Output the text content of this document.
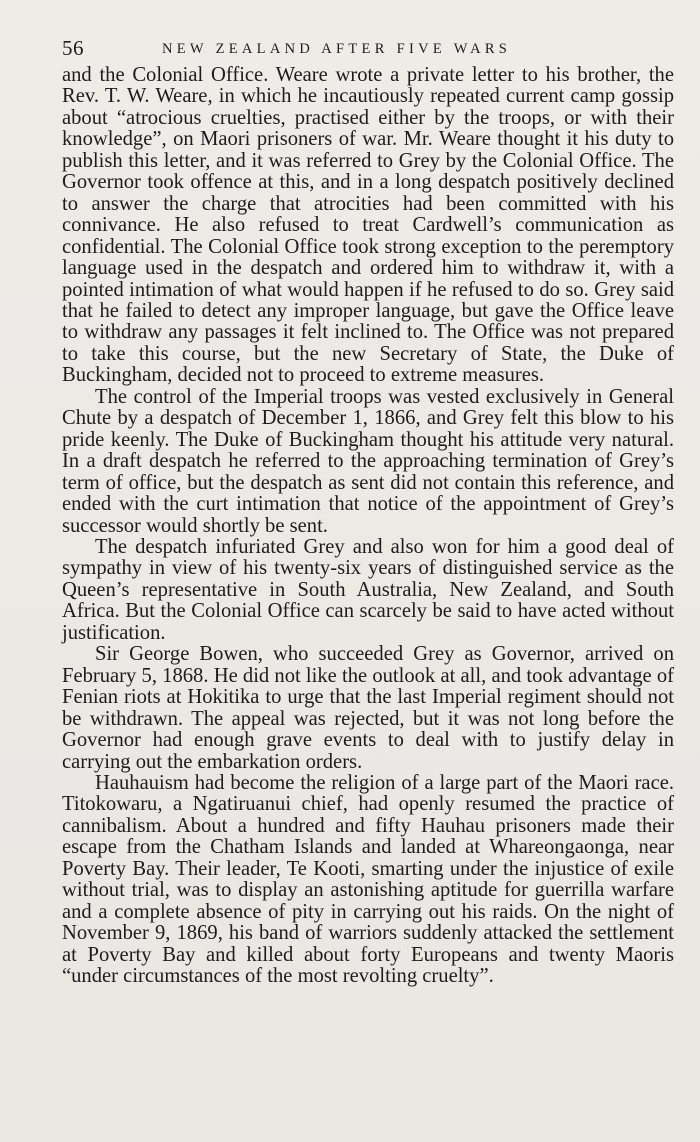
56	NEW ZEALAND AFTER FIVE WARS

and the Colonial Office. Weare wrote a private letter to his brother, the Rev. T. W. Weare, in which he incautiously repeated current camp gossip about “atrocious cruelties, practised either by the troops, or with their knowledge”, on Maori prisoners of war. Mr. Weare thought it his duty to publish this letter, and it was referred to Grey by the Colonial Office. The Governor took offence at this, and in a long despatch positively declined to answer the charge that atrocities had been committed with his connivance. He also refused to treat Cardwell’s communication as confidential. The Colonial Office took strong exception to the peremptory language used in the despatch and ordered him to withdraw it, with a pointed intimation of what would happen if he refused to do so. Grey said that he failed to detect any improper language, but gave the Office leave to withdraw any passages it felt inclined to. The Office was not prepared to take this course, but the new Secretary of State, the Duke of Buckingham, decided not to proceed to extreme measures.

The control of the Imperial troops was vested exclusively in General Chute by a despatch of December 1, 1866, and Grey felt this blow to his pride keenly. The Duke of Buckingham thought his attitude very natural. In a draft despatch he referred to the approaching termination of Grey’s term of office, but the despatch as sent did not contain this reference, and ended with the curt intimation that notice of the appointment of Grey’s successor would shortly be sent.

The despatch infuriated Grey and also won for him a good deal of sympathy in view of his twenty-six years of distinguished service as the Queen’s representative in South Australia, New Zealand, and South Africa. But the Colonial Office can scarcely be said to have acted without justification.

Sir George Bowen, who succeeded Grey as Governor, arrived on February 5, 1868. He did not like the outlook at all, and took advantage of Fenian riots at Hokitika to urge that the last Imperial regiment should not be withdrawn. The appeal was rejected, but it was not long before the Governor had enough grave events to deal with to justify delay in carrying out the embarkation orders.

Hauhauism had become the religion of a large part of the Maori race. Titokowaru, a Ngatiruanui chief, had openly resumed the practice of cannibalism. About a hundred and fifty Hauhau prisoners made their escape from the Chatham Islands and landed at Whareongaonga, near Poverty Bay. Their leader, Te Kooti, smarting under the injustice of exile without trial, was to display an astonishing aptitude for guerrilla warfare and a complete absence of pity in carrying out his raids. On the night of November 9, 1869, his band of warriors suddenly attacked the settlement at Poverty Bay and killed about forty Europeans and twenty Maoris “under circumstances of the most revolting cruelty”.
